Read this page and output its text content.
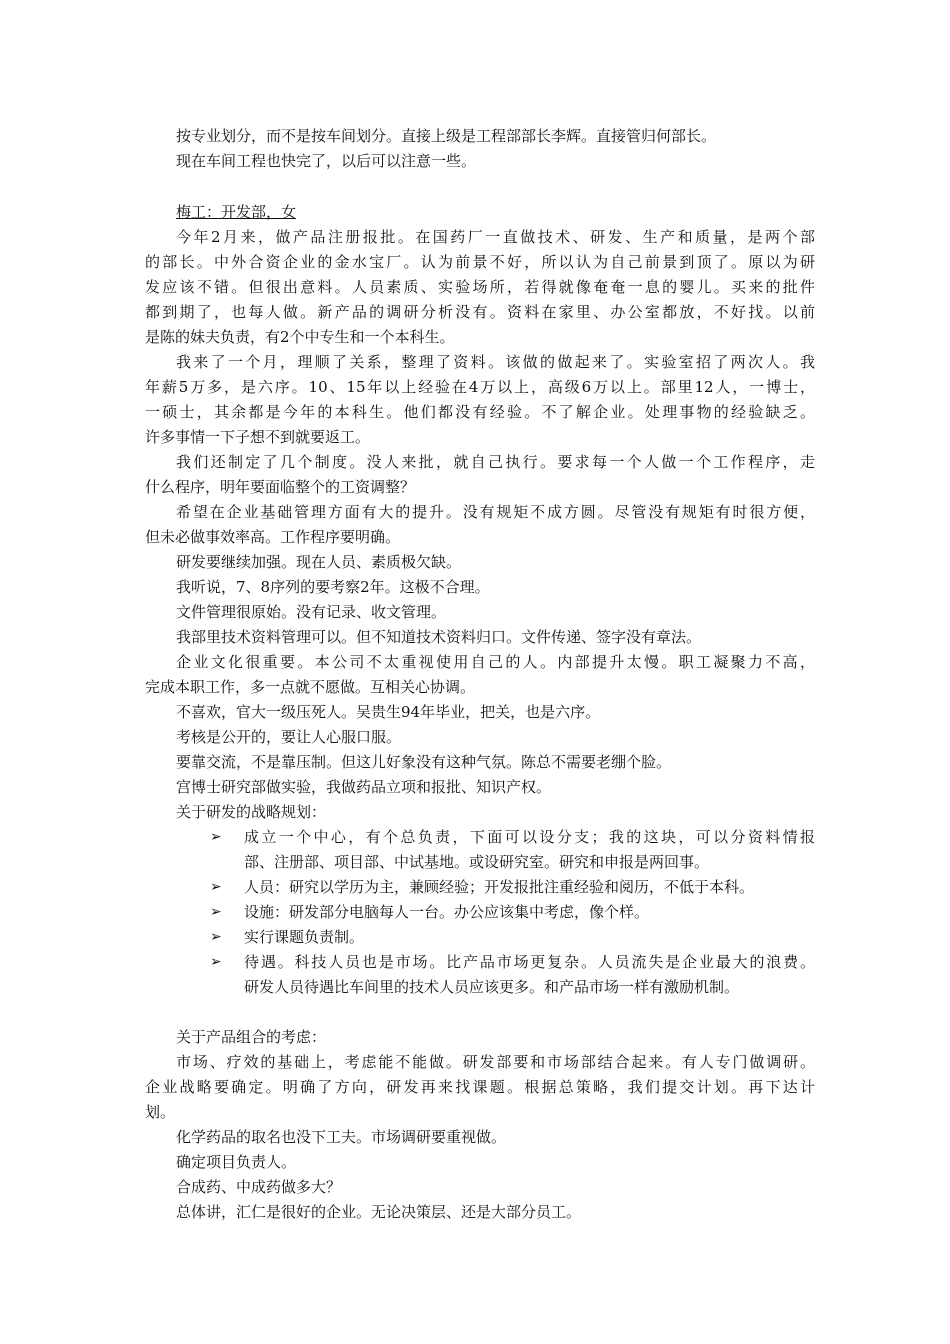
按专业划分，而不是按车间划分。直接上级是工程部部长李辉。直接管归何部长。
现在车间工程也快完了，以后可以注意一些。
梅工：开发部，女
今年2月来，做产品注册报批。在国药厂一直做技术、研发、生产和质量，是两个部
的部长。中外合资企业的金水宝厂。认为前景不好，所以认为自己前景到顶了。原以为研
发应该不错。但很出意料。人员素质、实验场所，若得就像奄奄一息的婴儿。买来的批件
都到期了，也每人做。新产品的调研分析没有。资料在家里、办公室都放，不好找。以前
是陈的妹夫负责，有2个中专生和一个本科生。
我来了一个月，理顺了关系，整理了资料。该做的做起来了。实验室招了两次人。我
年薪5万多，是六序。10、15年以上经验在4万以上，高级6万以上。部里12人，一博士，
一硕士，其余都是今年的本科生。他们都没有经验。不了解企业。处理事物的经验缺乏。
许多事情一下子想不到就要返工。
我们还制定了几个制度。没人来批，就自己执行。要求每一个人做一个工作程序，走
什么程序，明年要面临整个的工资调整？
希望在企业基础管理方面有大的提升。没有规矩不成方圆。尽管没有规矩有时很方便，
但未必做事效率高。工作程序要明确。
研发要继续加强。现在人员、素质极欠缺。
我听说，7、8序列的要考察2年。这极不合理。
文件管理很原始。没有记录、收文管理。
我部里技术资料管理可以。但不知道技术资料归口。文件传递、签字没有章法。
企业文化很重要。本公司不太重视使用自己的人。内部提升太慢。职工凝聚力不高，
完成本职工作，多一点就不愿做。互相关心协调。
不喜欢，官大一级压死人。吴贵生94年毕业，把关，也是六序。
考核是公开的，要让人心服口服。
要靠交流，不是靠压制。但这儿好象没有这种气氛。陈总不需要老绷个脸。
宫博士研究部做实验，我做药品立项和报批、知识产权。
关于研发的战略规划：
➢ 成立一个中心，有个总负责，下面可以设分支；我的这块，可以分资料情报
部、注册部、项目部、中试基地。或设研究室。研究和申报是两回事。
➢ 人员：研究以学历为主，兼顾经验；开发报批注重经验和阅历，不低于本科。
➢ 设施：研发部分电脑每人一台。办公应该集中考虑，像个样。
➢ 实行课题负责制。
➢ 待遇。科技人员也是市场。比产品市场更复杂。人员流失是企业最大的浪费。
研发人员待遇比车间里的技术人员应该更多。和产品市场一样有激励机制。
关于产品组合的考虑：
市场、疗效的基础上，考虑能不能做。研发部要和市场部结合起来。有人专门做调研。
企业战略要确定。明确了方向，研发再来找课题。根据总策略，我们提交计划。再下达计
划。
化学药品的取名也没下工夫。市场调研要重视做。
确定项目负责人。
合成药、中成药做多大？
总体讲，汇仁是很好的企业。无论决策层、还是大部分员工。
